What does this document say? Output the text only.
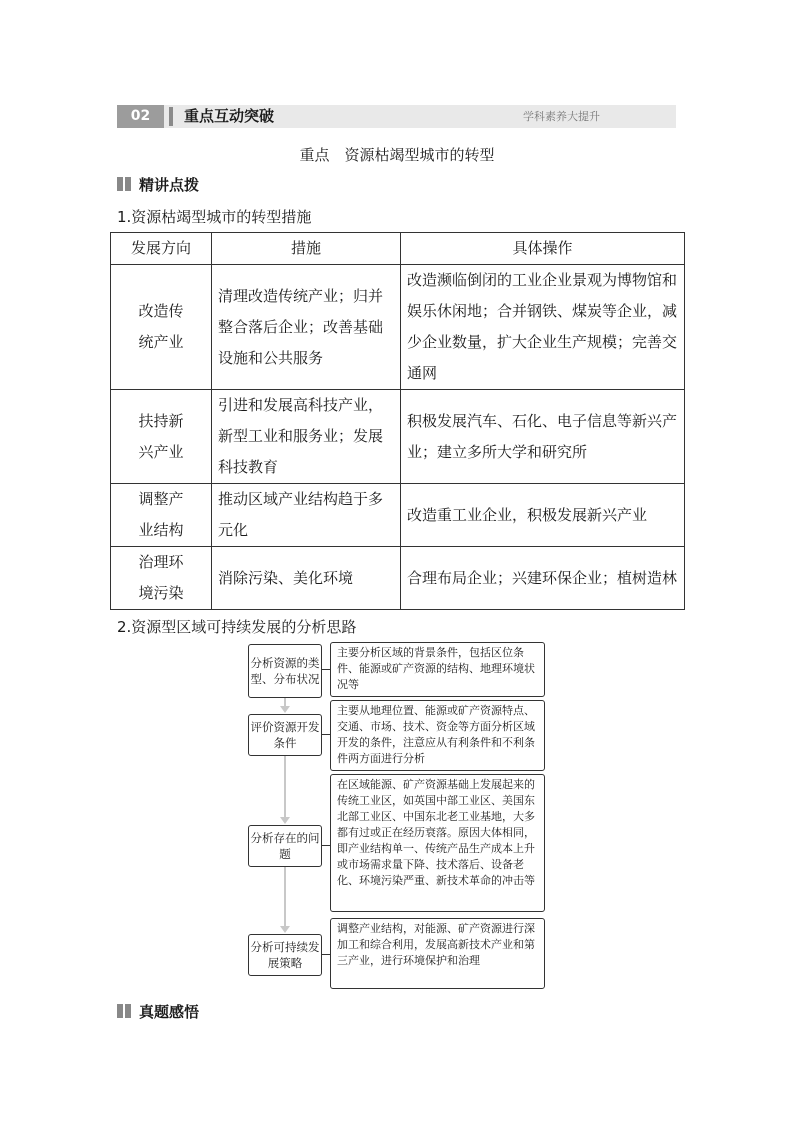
02	重点互动突破	学科素养大提升
重点　资源枯竭型城市的转型
精讲点拨
1.资源枯竭型城市的转型措施
发展方向	措施	具体操作

改造传统产业	清理改造传统产业；归并整合落后企业；改善基础设施和公共服务	改造濒临倒闭的工业企业景观为博物馆和娱乐休闲地；合并钢铁、煤炭等企业，减少企业数量，扩大企业生产规模；完善交通网

扶持新兴产业	引进和发展高科技产业，新型工业和服务业；发展科技教育	积极发展汽车、石化、电子信息等新兴产业；建立多所大学和研究所

调整产业结构	推动区域产业结构趋于多元化	改造重工业企业，积极发展新兴产业

治理环境污染	消除污染、美化环境	合理布局企业；兴建环保企业；植树造林
2.资源型区域可持续发展的分析思路
分析资源的类型、分布状况
主要分析区域的背景条件，包括区位条件、能源或矿产资源的结构、地理环境状况等
评价资源开发条件
主要从地理位置、能源或矿产资源特点、交通、市场、技术、资金等方面分析区域开发的条件，注意应从有利条件和不利条件两方面进行分析
分析存在的问题
在区域能源、矿产资源基础上发展起来的传统工业区，如英国中部工业区、美国东北部工业区、中国东北老工业基地，大多都有过或正在经历衰落。原因大体相同，即产业结构单一、传统产品生产成本上升或市场需求量下降、技术落后、设备老化、环境污染严重、新技术革命的冲击等
分析可持续发展策略
调整产业结构，对能源、矿产资源进行深加工和综合利用，发展高新技术产业和第三产业，进行环境保护和治理
真题感悟
